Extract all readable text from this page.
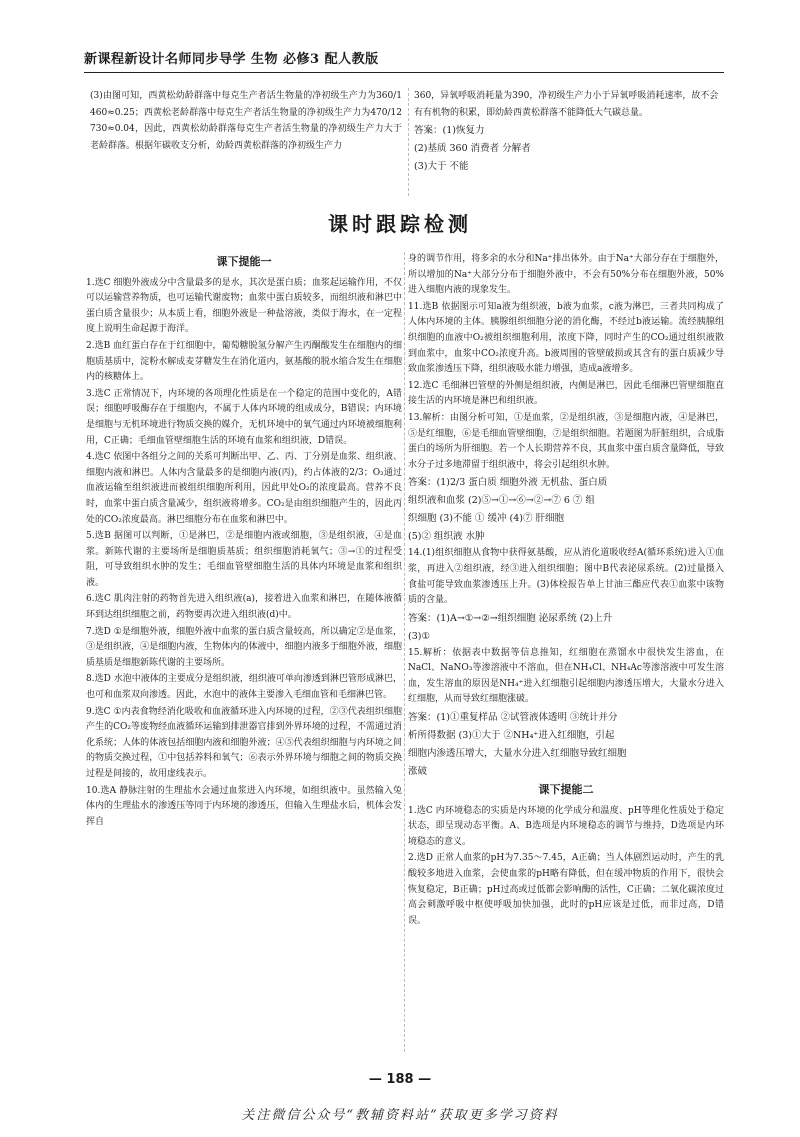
新课程新设计名师同步导学 生物 必修3 配人教版
(3)由图可知，西黄松幼龄群落中每克生产者活生物量的净初级生产力为360/1 460≈0.25；西黄松老龄群落中每克生产者活生物量的净初级生产力为470/12 730≈0.04，因此，西黄松幼龄群落每克生产者活生物量的净初级生产力大于老龄群落。根据年碳收支分析，幼龄西黄松群落的净初级生产力
360，异氧呼吸消耗量为390，净初级生产力小于异氧呼吸消耗速率，故不会有有机物的积累，即幼龄西黄松群落不能降低大气碳总量。
答案：(1)恢复力
(2)基质 360 消费者 分解者
(3)大于 不能
课时跟踪检测
课下提能一
1.选C 细胞外液成分中含量最多的是水，其次是蛋白质；血浆起运输作用，不仅可以运输营养物质，也可运输代谢废物；血浆中蛋白质较多，而组织液和淋巴中蛋白质含量很少；从本质上看，细胞外液是一种盐溶液，类似于海水，在一定程度上说明生命起源于海洋。
2.选B 血红蛋白存在于红细胞中，葡萄糖脱氢分解产生丙酮酸发生在细胞内的细胞质基质中，淀粉水解成麦芽糖发生在消化道内，氨基酸的脱水缩合发生在细胞内的核糖体上。
3.选C 正常情况下，内环境的各项理化性质是在一个稳定的范围中变化的，A错误；细胞呼吸酶存在于细胞内，不属于人体内环境的组成成分，B错误；内环境是细胞与无机环境进行物质交换的媒介，无机环境中的氧气通过内环境被细胞利用，C正确；毛细血管壁细胞生活的环境有血浆和组织液，D错误。
4.选C 依图中各组分之间的关系可判断出甲、乙、丙、丁分别是血浆、组织液、细胞内液和淋巴。人体内含量最多的是细胞内液(丙)，约占体液的2/3；O₂通过血液运输至组织液进而被组织细胞所利用，因此甲处O₂的浓度最高。营养不良时，血浆中蛋白质含量减少，组织液将增多。CO₂是由组织细胞产生的，因此丙处的CO₂浓度最高。淋巴细胞分布在血浆和淋巴中。
5.选B 据图可以判断，①是淋巴，②是细胞内液或细胞，③是组织液，④是血浆。新陈代谢的主要场所是细胞质基质；组织细胞消耗氧气；③→①的过程受阻，可导致组织水肿的发生；毛细血管壁细胞生活的具体内环境是血浆和组织液。
6.选C 肌肉注射的药物首先进入组织液(a)，接着进入血浆和淋巴，在随体液循环到达组织细胞之前，药物要再次进入组织液(d)中。
7.选D ①是细胞外液，细胞外液中血浆的蛋白质含量较高，所以确定②是血浆，③是组织液，④是细胞内液，生物体内的体液中，细胞内液多于细胞外液，细胞质基质是细胞新陈代谢的主要场所。
8.选D 水泡中液体的主要成分是组织液，组织液可单向渗透到淋巴管形成淋巴，也可和血浆双向渗透。因此，水泡中的液体主要渗入毛细血管和毛细淋巴管。
9.选C ①内表食物经消化吸收和血液循环进入内环境的过程，②③代表组织细胞产生的CO₂等废物经血液循环运输到排泄器官排到外界环境的过程，不需通过消化系统；人体的体液包括细胞内液和细胞外液；④⑤代表组织细胞与内环境之间的物质交换过程，①中包括养料和氧气；⑥表示外界环境与细胞之间的物质交换过程是间接的，故用虚线表示。
10.选A 静脉注射的生理盐水会通过血浆进入内环境，如组织液中。虽然输入兔体内的生理盐水的渗透压等同于内环境的渗透压，但输入生理盐水后，机体会发挥自
身的调节作用，将多余的水分和Na⁺排出体外。由于Na⁺大部分存在于细胞外，所以增加的Na⁺大部分分布于细胞外液中，不会有50%分布在细胞外液，50%进入细胞内液的现象发生。
11.选B 依据图示可知a液为组织液，b液为血浆，c液为淋巴，三者共同构成了人体内环境的主体。胰腺组织细胞分泌的消化酶，不经过b液运输。流经胰腺组织细胞的血液中O₂被组织细胞利用，浓度下降，同时产生的CO₂通过组织液散到血浆中，血浆中CO₂浓度升高。b液周围的管壁破损或其含有的蛋白质减少导致血浆渗透压下降，组织液吸水能力增强，造成a液增多。
12.选C 毛细淋巴管壁的外侧是组织液，内侧是淋巴，因此毛细淋巴管壁细胞直接生活的内环境是淋巴和组织液。
13.解析：由图分析可知，①是血浆，②是组织液，③是细胞内液，④是淋巴，⑤是红细胞，⑥是毛细血管壁细胞，⑦是组织细胞。若题图为肝脏组织，合成脂蛋白的场所为肝细胞。若一个人长期营养不良，其血浆中蛋白质含量降低，导致水分子过多地滞留于组织液中，将会引起组织水肿。
答案：(1)2/3 蛋白质 细胞外液 无机盐、蛋白质
组织液和血浆 (2)⑤→①→⑥→②→⑦ 6 ⑦ 组
织细胞 (3)不能 ① 缓冲 (4)⑦ 肝细胞
(5)② 组织液 水肿
14.(1)组织细胞从食物中获得氨基酸，应从消化道吸收经A(循环系统)进入①血浆，再进入②组织液，经③进入组织细胞；图中B代表泌尿系统。(2)过量摄入食盐可能导致血浆渗透压上升。(3)体检报告单上甘油三酯应代表①血浆中该物质的含量。
答案：(1)A→①→②→组织细胞 泌尿系统 (2)上升
(3)①
15.解析：依据表中数据等信息推知，红细胞在蒸馏水中很快发生溶血，在NaCl、NaNO₃等渗溶液中不溶血，但在NH₄Cl、NH₄Ac等渗溶液中可发生溶血，发生溶血的原因是NH₄⁺进入红细胞引起细胞内渗透压增大，大量水分进入红细胞，从而导致红细胞涨破。
答案：(1)①重复样品 ②试管液体透明 ③统计并分
析所得数据 (3)①大于 ②NH₄⁺进入红细胞，引起
细胞内渗透压增大，大量水分进入红细胞导致红细胞
涨破
课下提能二
1.选C 内环境稳态的实质是内环境的化学成分和温度、pH等理化性质处于稳定状态，即呈现动态平衡。A、B选项是内环境稳态的调节与维持，D选项是内环境稳态的意义。
2.选D 正常人血浆的pH为7.35～7.45，A正确；当人体剧烈运动时，产生的乳酸较多地进入血浆，会使血浆的pH略有降低，但在缓冲物质的作用下，很快会恢复稳定，B正确；pH过高或过低都会影响酶的活性，C正确；二氧化碳浓度过高会刺激呼吸中枢使呼吸加快加强，此时的pH应该是过低，而非过高，D错误。
— 188 —
关注微信公众号“教辅资料站”获取更多学习资料
